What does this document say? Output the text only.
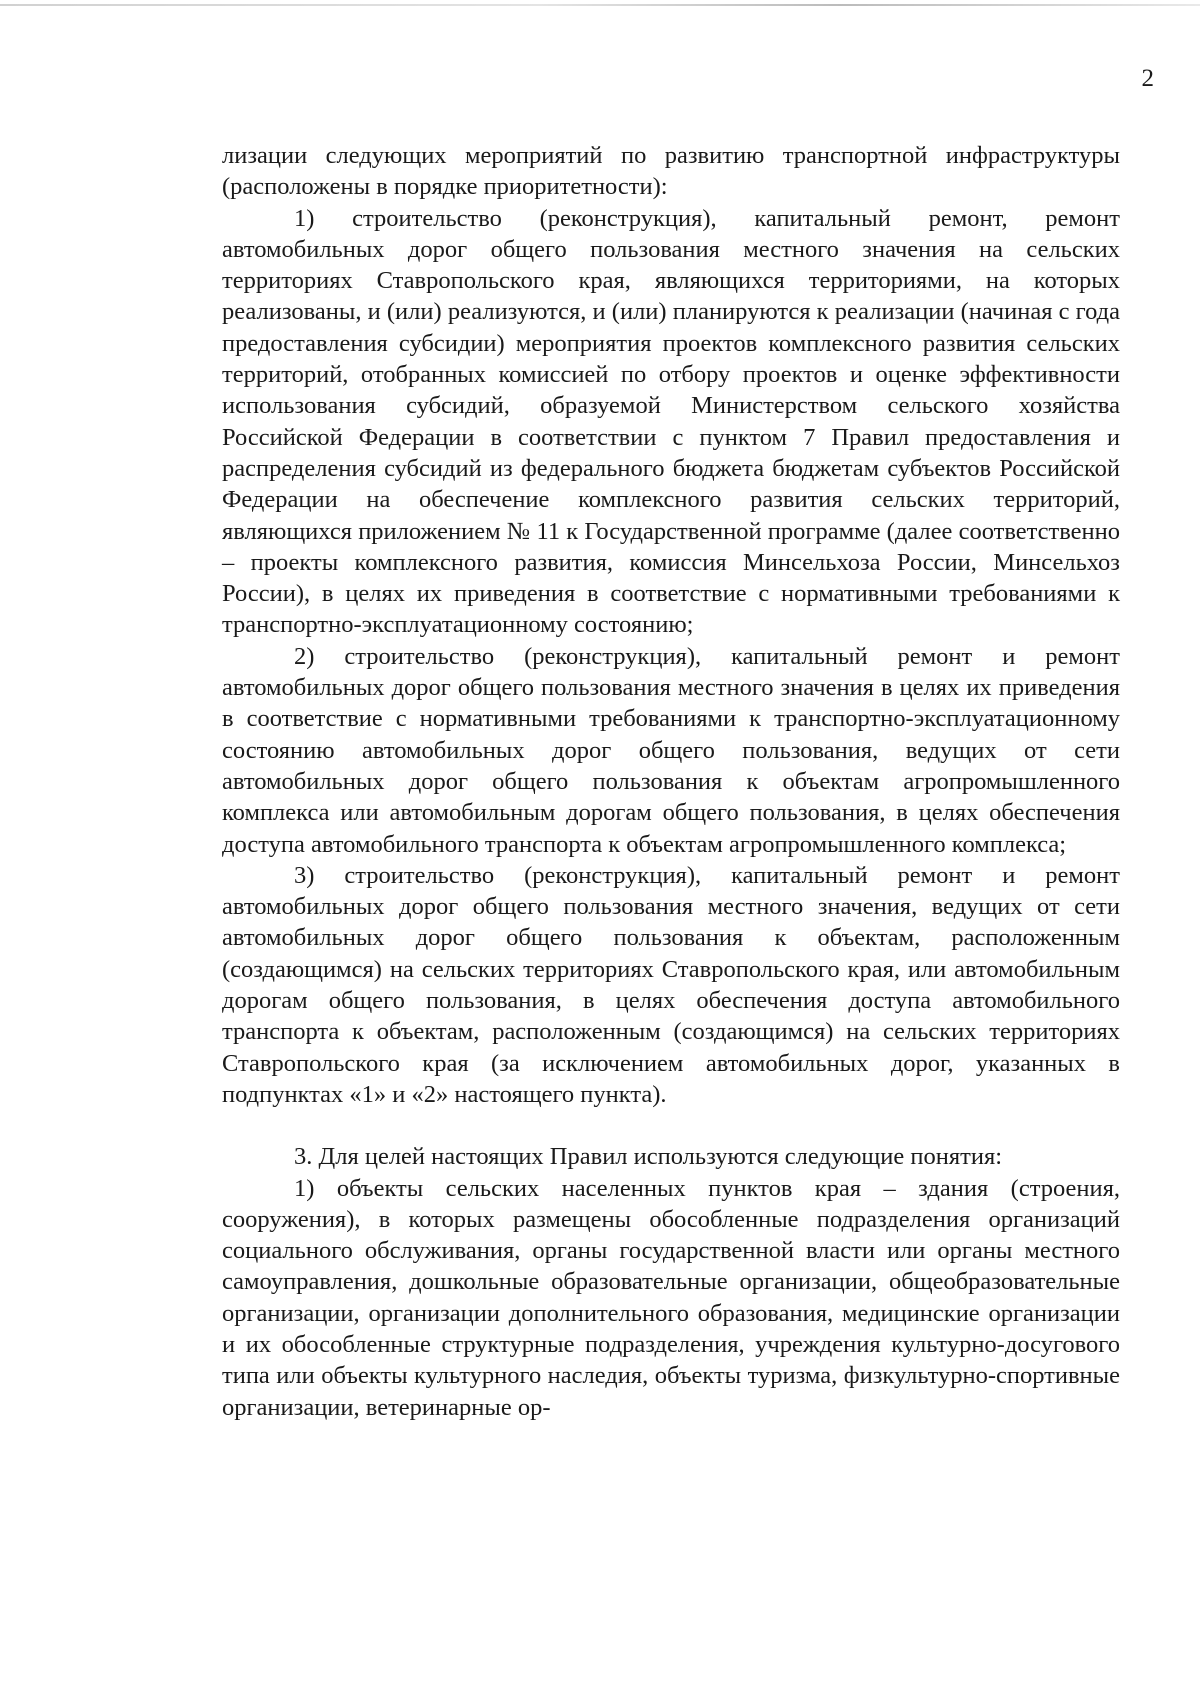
2

лизации следующих мероприятий по развитию транспортной инфраструктуры (расположены в порядке приоритетности):

1) строительство (реконструкция), капитальный ремонт, ремонт автомобильных дорог общего пользования местного значения на сельских территориях Ставропольского края, являющихся территориями, на которых реализованы, и (или) реализуются, и (или) планируются к реализации (начиная с года предоставления субсидии) мероприятия проектов комплексного развития сельских территорий, отобранных комиссией по отбору проектов и оценке эффективности использования субсидий, образуемой Министерством сельского хозяйства Российской Федерации в соответствии с пунктом 7 Правил предоставления и распределения субсидий из федерального бюджета бюджетам субъектов Российской Федерации на обеспечение комплексного развития сельских территорий, являющихся приложением № 11 к Государственной программе (далее соответственно – проекты комплексного развития, комиссия Минсельхоза России, Минсельхоз России), в целях их приведения в соответствие с нормативными требованиями к транспортно-эксплуатационному состоянию;

2) строительство (реконструкция), капитальный ремонт и ремонт автомобильных дорог общего пользования местного значения в целях их приведения в соответствие с нормативными требованиями к транспортно-эксплуатационному состоянию автомобильных дорог общего пользования, ведущих от сети автомобильных дорог общего пользования к объектам агропромышленного комплекса или автомобильным дорогам общего пользования, в целях обеспечения доступа автомобильного транспорта к объектам агропромышленного комплекса;

3) строительство (реконструкция), капитальный ремонт и ремонт автомобильных дорог общего пользования местного значения, ведущих от сети автомобильных дорог общего пользования к объектам, расположенным (создающимся) на сельских территориях Ставропольского края, или автомобильным дорогам общего пользования, в целях обеспечения доступа автомобильного транспорта к объектам, расположенным (создающимся) на сельских территориях Ставропольского края (за исключением автомобильных дорог, указанных в подпунктах «1» и «2» настоящего пункта).

3. Для целей настоящих Правил используются следующие понятия:

1) объекты сельских населенных пунктов края – здания (строения, сооружения), в которых размещены обособленные подразделения организаций социального обслуживания, органы государственной власти или органы местного самоуправления, дошкольные образовательные организации, общеобразовательные организации, организации дополнительного образования, медицинские организации и их обособленные структурные подразделения, учреждения культурно-досугового типа или объекты культурного наследия, объекты туризма, физкультурно-спортивные организации, ветеринарные ор-
